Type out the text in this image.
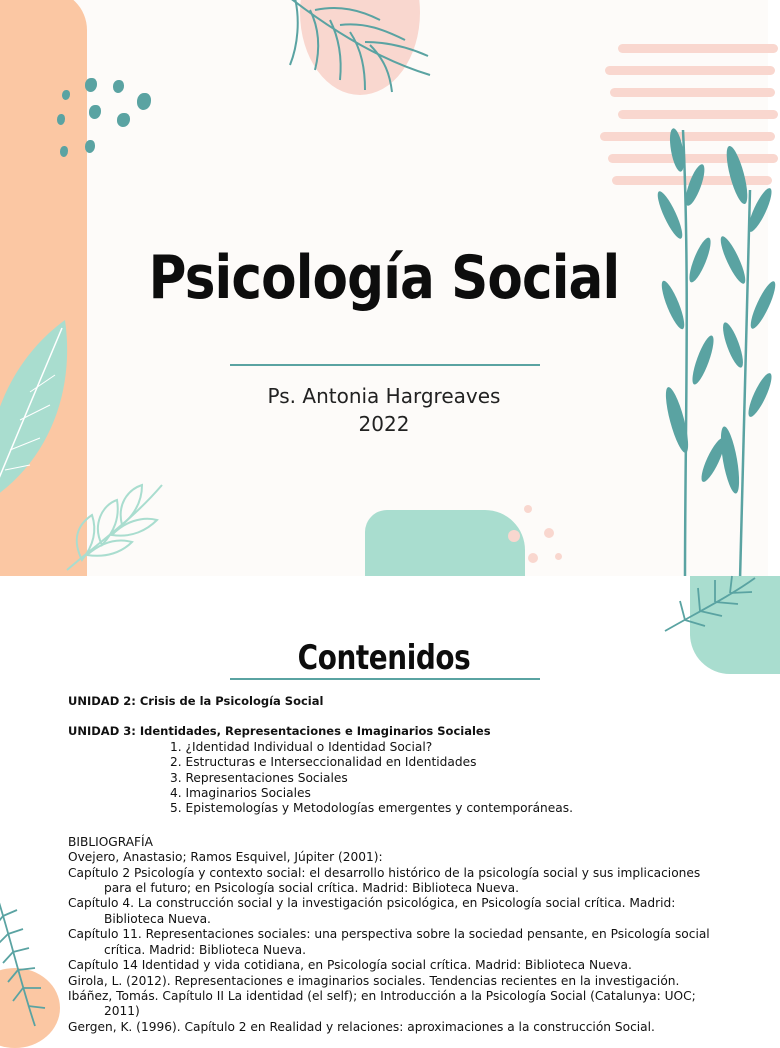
Psicología Social
Ps. Antonia Hargreaves
2022
Contenidos
UNIDAD 2: Crisis de la Psicología Social
UNIDAD 3: Identidades, Representaciones e Imaginarios Sociales
1. ¿Identidad Individual o Identidad Social?
2. Estructuras e Interseccionalidad en Identidades
3. Representaciones Sociales
4. Imaginarios Sociales
5. Epistemologías y Metodologías emergentes y contemporáneas.
BIBLIOGRAFÍA
Ovejero, Anastasio; Ramos Esquivel, Júpiter (2001):
Capítulo 2 Psicología y contexto social: el desarrollo histórico de la psicología social y sus implicaciones para el futuro; en Psicología social crítica. Madrid: Biblioteca Nueva.
Capítulo 4. La construcción social y la investigación psicológica, en Psicología social crítica. Madrid: Biblioteca Nueva.
Capítulo 11. Representaciones sociales: una perspectiva sobre la sociedad pensante, en Psicología social crítica. Madrid: Biblioteca Nueva.
Capítulo 14 Identidad y vida cotidiana, en Psicología social crítica. Madrid: Biblioteca Nueva.
Girola, L. (2012). Representaciones e imaginarios sociales. Tendencias recientes en la investigación.
Ibáñez, Tomás. Capítulo II La identidad (el self); en Introducción a la Psicología Social (Catalunya: UOC; 2011)
Gergen, K. (1996). Capítulo 2 en Realidad y relaciones: aproximaciones a la construcción Social.
